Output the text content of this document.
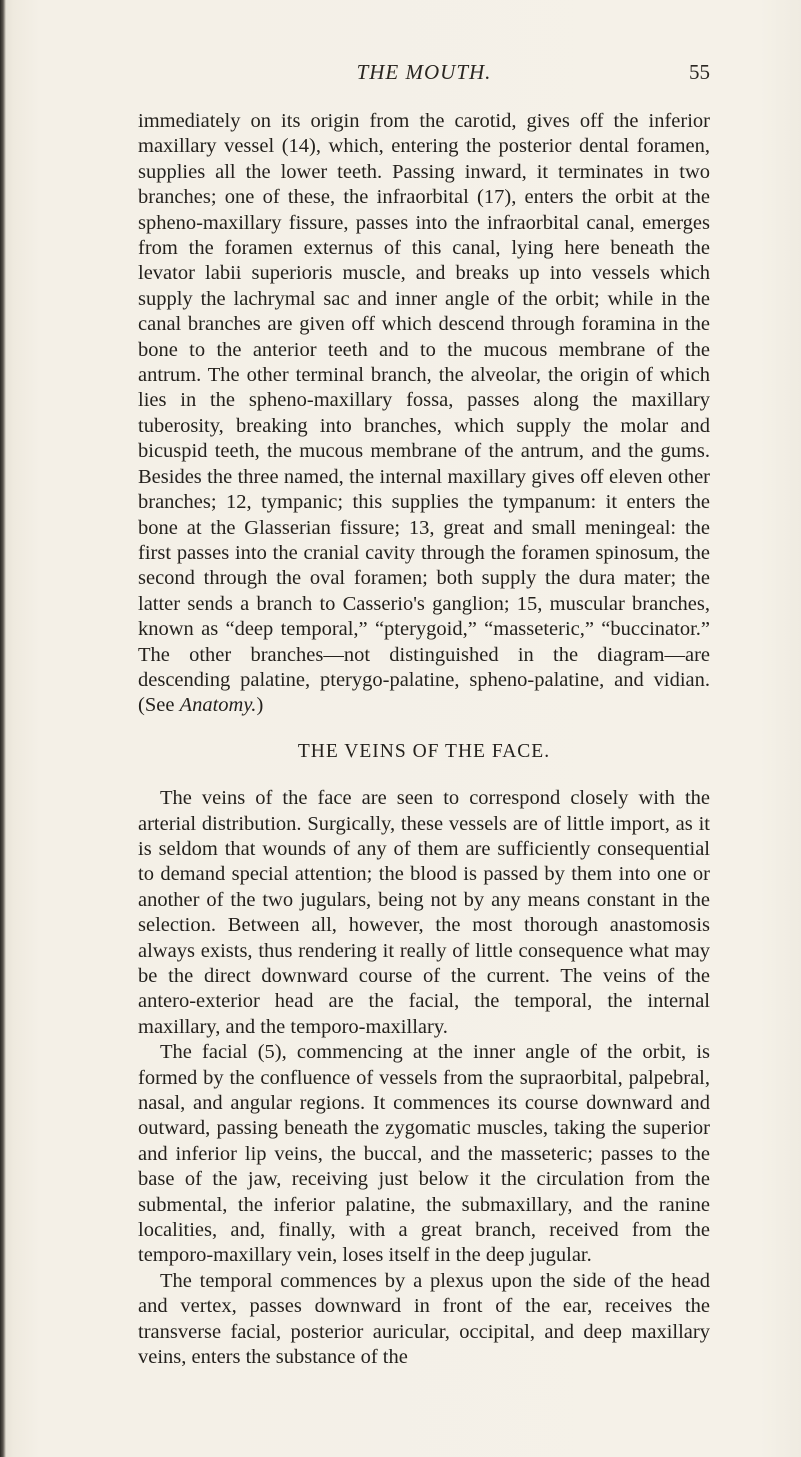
THE MOUTH.	55

immediately on its origin from the carotid, gives off the inferior maxillary vessel (14), which, entering the posterior dental foramen, supplies all the lower teeth. Passing inward, it terminates in two branches; one of these, the infraorbital (17), enters the orbit at the spheno-maxillary fissure, passes into the infraorbital canal, emerges from the foramen externus of this canal, lying here beneath the levator labii superioris muscle, and breaks up into vessels which supply the lachrymal sac and inner angle of the orbit; while in the canal branches are given off which descend through foramina in the bone to the anterior teeth and to the mucous membrane of the antrum. The other terminal branch, the alveolar, the origin of which lies in the spheno-maxillary fossa, passes along the maxillary tuberosity, breaking into branches, which supply the molar and bicuspid teeth, the mucous membrane of the antrum, and the gums. Besides the three named, the internal maxillary gives off eleven other branches; 12, tympanic; this supplies the tympanum: it enters the bone at the Glasserian fissure; 13, great and small meningeal: the first passes into the cranial cavity through the foramen spinosum, the second through the oval foramen; both supply the dura mater; the latter sends a branch to Casserio's ganglion; 15, muscular branches, known as “deep temporal,” “pterygoid,” “masseteric,” “buccinator.” The other branches—not distinguished in the diagram—are descending palatine, pterygo-palatine, spheno-palatine, and vidian. (See Anatomy.)

THE VEINS OF THE FACE.

The veins of the face are seen to correspond closely with the arterial distribution. Surgically, these vessels are of little import, as it is seldom that wounds of any of them are sufficiently consequential to demand special attention; the blood is passed by them into one or another of the two jugulars, being not by any means constant in the selection. Between all, however, the most thorough anastomosis always exists, thus rendering it really of little consequence what may be the direct downward course of the current. The veins of the antero-exterior head are the facial, the temporal, the internal maxillary, and the temporo-maxillary.

The facial (5), commencing at the inner angle of the orbit, is formed by the confluence of vessels from the supraorbital, palpebral, nasal, and angular regions. It commences its course downward and outward, passing beneath the zygomatic muscles, taking the superior and inferior lip veins, the buccal, and the masseteric; passes to the base of the jaw, receiving just below it the circulation from the submental, the inferior palatine, the submaxillary, and the ranine localities, and, finally, with a great branch, received from the temporo-maxillary vein, loses itself in the deep jugular.

The temporal commences by a plexus upon the side of the head and vertex, passes downward in front of the ear, receives the transverse facial, posterior auricular, occipital, and deep maxillary veins, enters the substance of the
